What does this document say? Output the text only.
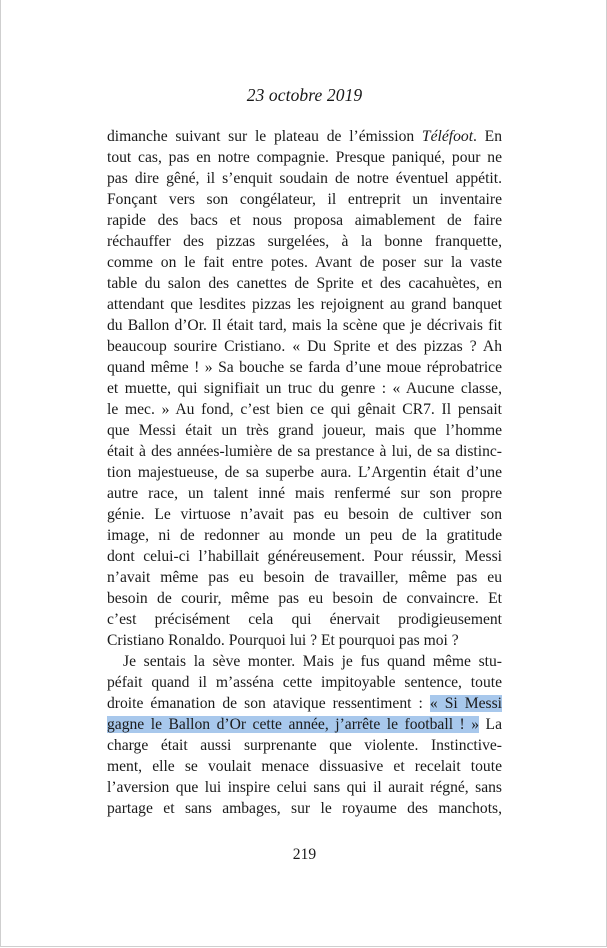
23 octobre 2019
dimanche suivant sur le plateau de l’émission Téléfoot. En
tout cas, pas en notre compagnie. Presque paniqué, pour ne
pas dire gêné, il s’enquit soudain de notre éventuel appétit.
Fonçant vers son congélateur, il entreprit un inventaire
rapide des bacs et nous proposa aimablement de faire
réchauffer des pizzas surgelées, à la bonne franquette,
comme on le fait entre potes. Avant de poser sur la vaste
table du salon des canettes de Sprite et des cacahuètes, en
attendant que lesdites pizzas les rejoignent au grand banquet
du Ballon d’Or. Il était tard, mais la scène que je décrivais fit
beaucoup sourire Cristiano. « Du Sprite et des pizzas ? Ah
quand même ! » Sa bouche se farda d’une moue réprobatrice
et muette, qui signifiait un truc du genre : « Aucune classe,
le mec. » Au fond, c’est bien ce qui gênait CR7. Il pensait
que Messi était un très grand joueur, mais que l’homme
était à des années-lumière de sa prestance à lui, de sa distinc-
tion majestueuse, de sa superbe aura. L’Argentin était d’une
autre race, un talent inné mais renfermé sur son propre
génie. Le virtuose n’avait pas eu besoin de cultiver son
image, ni de redonner au monde un peu de la gratitude
dont celui-ci l’habillait généreusement. Pour réussir, Messi
n’avait même pas eu besoin de travailler, même pas eu
besoin de courir, même pas eu besoin de convaincre. Et
c’est précisément cela qui énervait prodigieusement
Cristiano Ronaldo. Pourquoi lui ? Et pourquoi pas moi ?
Je sentais la sève monter. Mais je fus quand même stu-
péfait quand il m’asséna cette impitoyable sentence, toute
droite émanation de son atavique ressentiment : « Si Messi
gagne le Ballon d’Or cette année, j’arrête le football ! » La
charge était aussi surprenante que violente. Instinctive-
ment, elle se voulait menace dissuasive et recelait toute
l’aversion que lui inspire celui sans qui il aurait régné, sans
partage et sans ambages, sur le royaume des manchots,
219
